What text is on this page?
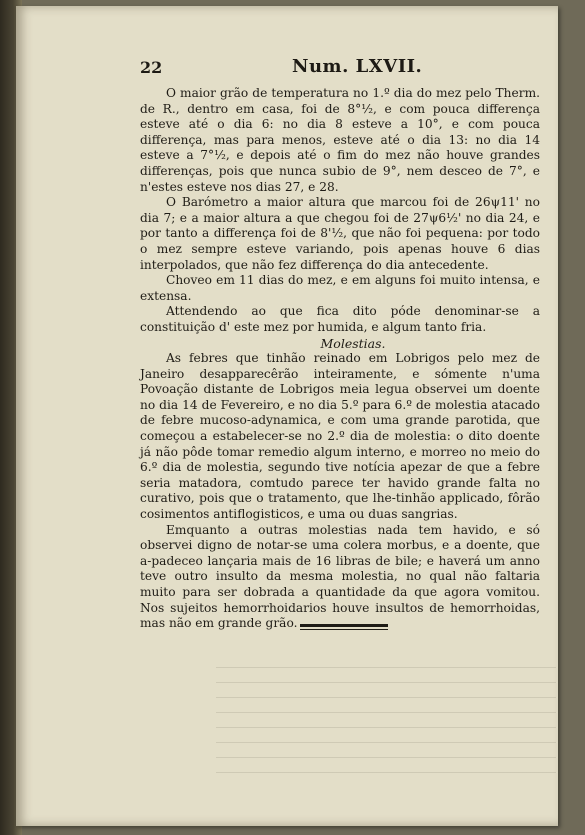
22	Num. LXVII.

O maior grão de temperatura no 1.º dia do mez pelo Therm. de R., dentro em casa, foi de 8°½, e com pouca differença esteve até o dia 6: no dia 8 esteve a 10°, e com pouca differença, mas para menos, esteve até o dia 13: no dia 14 esteve a 7°½, e depois até o fim do mez não houve grandes differenças, pois que nunca subio de 9°, nem desceo de 7°, e n'estes esteve nos dias 27, e 28.

O Barómetro a maior altura que marcou foi de 26ψ11' no dia 7; e a maior altura a que chegou foi de 27ψ6½' no dia 24, e por tanto a differença foi de 8'½, que não foi pequena: por todo o mez sempre esteve variando, pois apenas houve 6 dias interpolados, que não fez differença do dia antecedente.

Choveo em 11 dias do mez, e em alguns foi muito intensa, e extensa.

Attendendo ao que fica dito póde denominar-se a constituição d' este mez por humida, e algum tanto fria.

Molestias.

As febres que tinhão reinado em Lobrigos pelo mez de Janeiro desapparecêrão inteiramente, e sómente n'uma Povoação distante de Lobrigos meia legua observei um doente no dia 14 de Fevereiro, e no dia 5.º para 6.º de molestia atacado de febre mucoso-adynamica, e com uma grande parotida, que começou a estabelecer-se no 2.º dia de molestia: o dito doente já não pôde tomar remedio algum interno, e morreo no meio do 6.º dia de molestia, segundo tive notícia apezar de que a febre seria matadora, comtudo parece ter havido grande falta no curativo, pois que o tratamento, que lhe-tinhão applicado, fôrão cosimentos antiflogisticos, e uma ou duas sangrias.

Emquanto a outras molestias nada tem havido, e só observei digno de notar-se uma colera morbus, e a doente, que a-padeceo lançaria mais de 16 libras de bile; e haverá um anno teve outro insulto da mesma molestia, no qual não faltaria muito para ser dobrada a quantidade da que agora vomitou. Nos sujeitos hemorrhoidarios houve insultos de hemorrhoidas, mas não em grande grão.
